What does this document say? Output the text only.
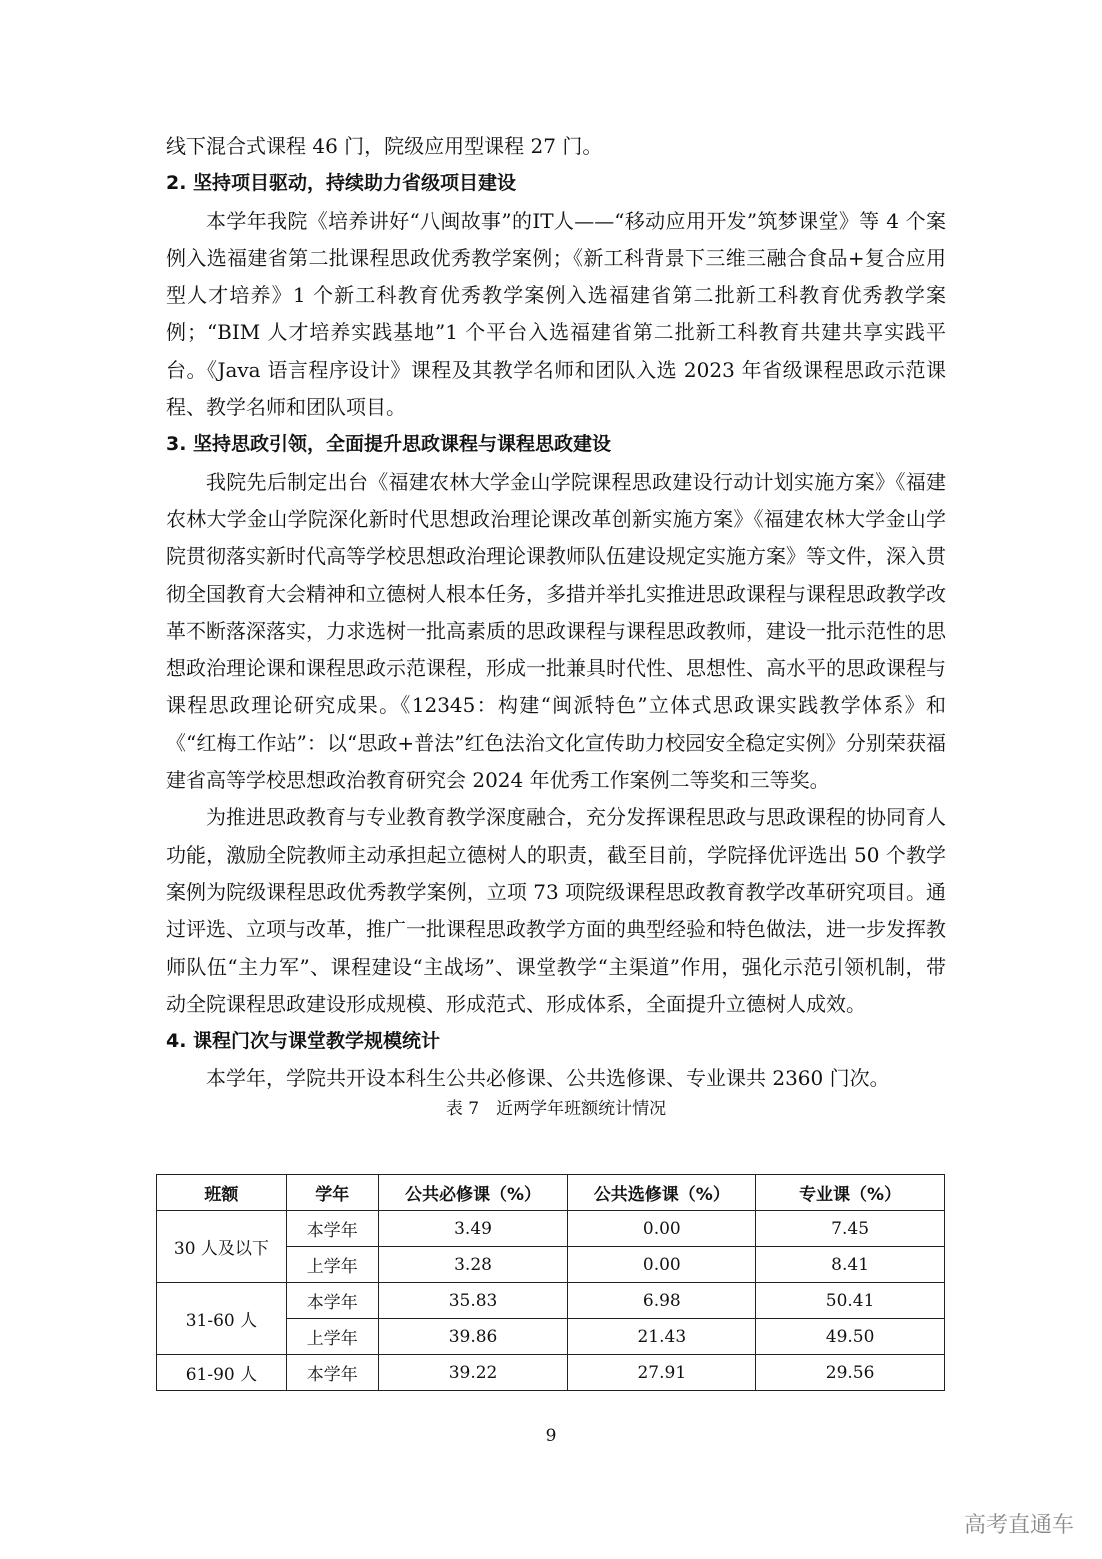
线下混合式课程 46 门，院级应用型课程 27 门。

2. 坚持项目驱动，持续助力省级项目建设

本学年我院《培养讲好“八闽故事”的IT人——“移动应用开发”筑梦课堂》等 4 个案例入选福建省第二批课程思政优秀教学案例；《新工科背景下三维三融合食品+复合应用型人才培养》1 个新工科教育优秀教学案例入选福建省第二批新工科教育优秀教学案例；“BIM 人才培养实践基地”1 个平台入选福建省第二批新工科教育共建共享实践平台。《Java 语言程序设计》课程及其教学名师和团队入选 2023 年省级课程思政示范课程、教学名师和团队项目。

3. 坚持思政引领，全面提升思政课程与课程思政建设

我院先后制定出台《福建农林大学金山学院课程思政建设行动计划实施方案》《福建农林大学金山学院深化新时代思想政治理论课改革创新实施方案》《福建农林大学金山学院贯彻落实新时代高等学校思想政治理论课教师队伍建设规定实施方案》等文件，深入贯彻全国教育大会精神和立德树人根本任务，多措并举扎实推进思政课程与课程思政教学改革不断落深落实，力求选树一批高素质的思政课程与课程思政教师，建设一批示范性的思想政治理论课和课程思政示范课程，形成一批兼具时代性、思想性、高水平的思政课程与课程思政理论研究成果。《12345：构建“闽派特色”立体式思政课实践教学体系》和《“红梅工作站”：以“思政+普法”红色法治文化宣传助力校园安全稳定实例》分别荣获福建省高等学校思想政治教育研究会 2024 年优秀工作案例二等奖和三等奖。

为推进思政教育与专业教育教学深度融合，充分发挥课程思政与思政课程的协同育人功能，激励全院教师主动承担起立德树人的职责，截至目前，学院择优评选出 50 个教学案例为院级课程思政优秀教学案例，立项 73 项院级课程思政教育教学改革研究项目。通过评选、立项与改革，推广一批课程思政教学方面的典型经验和特色做法，进一步发挥教师队伍“主力军”、课程建设“主战场”、课堂教学“主渠道”作用，强化示范引领机制，带动全院课程思政建设形成规模、形成范式、形成体系，全面提升立德树人成效。

4. 课程门次与课堂教学规模统计

本学年，学院共开设本科生公共必修课、公共选修课、专业课共 2360 门次。

表 7　近两学年班额统计情况

班额	学年	公共必修课（%）	公共选修课（%）	专业课（%）
30 人及以下	本学年	3.49	0.00	7.45
	上学年	3.28	0.00	8.41
31-60 人	本学年	35.83	6.98	50.41
	上学年	39.86	21.43	49.50
61-90 人	本学年	39.22	27.91	29.56
9
高考直通车
